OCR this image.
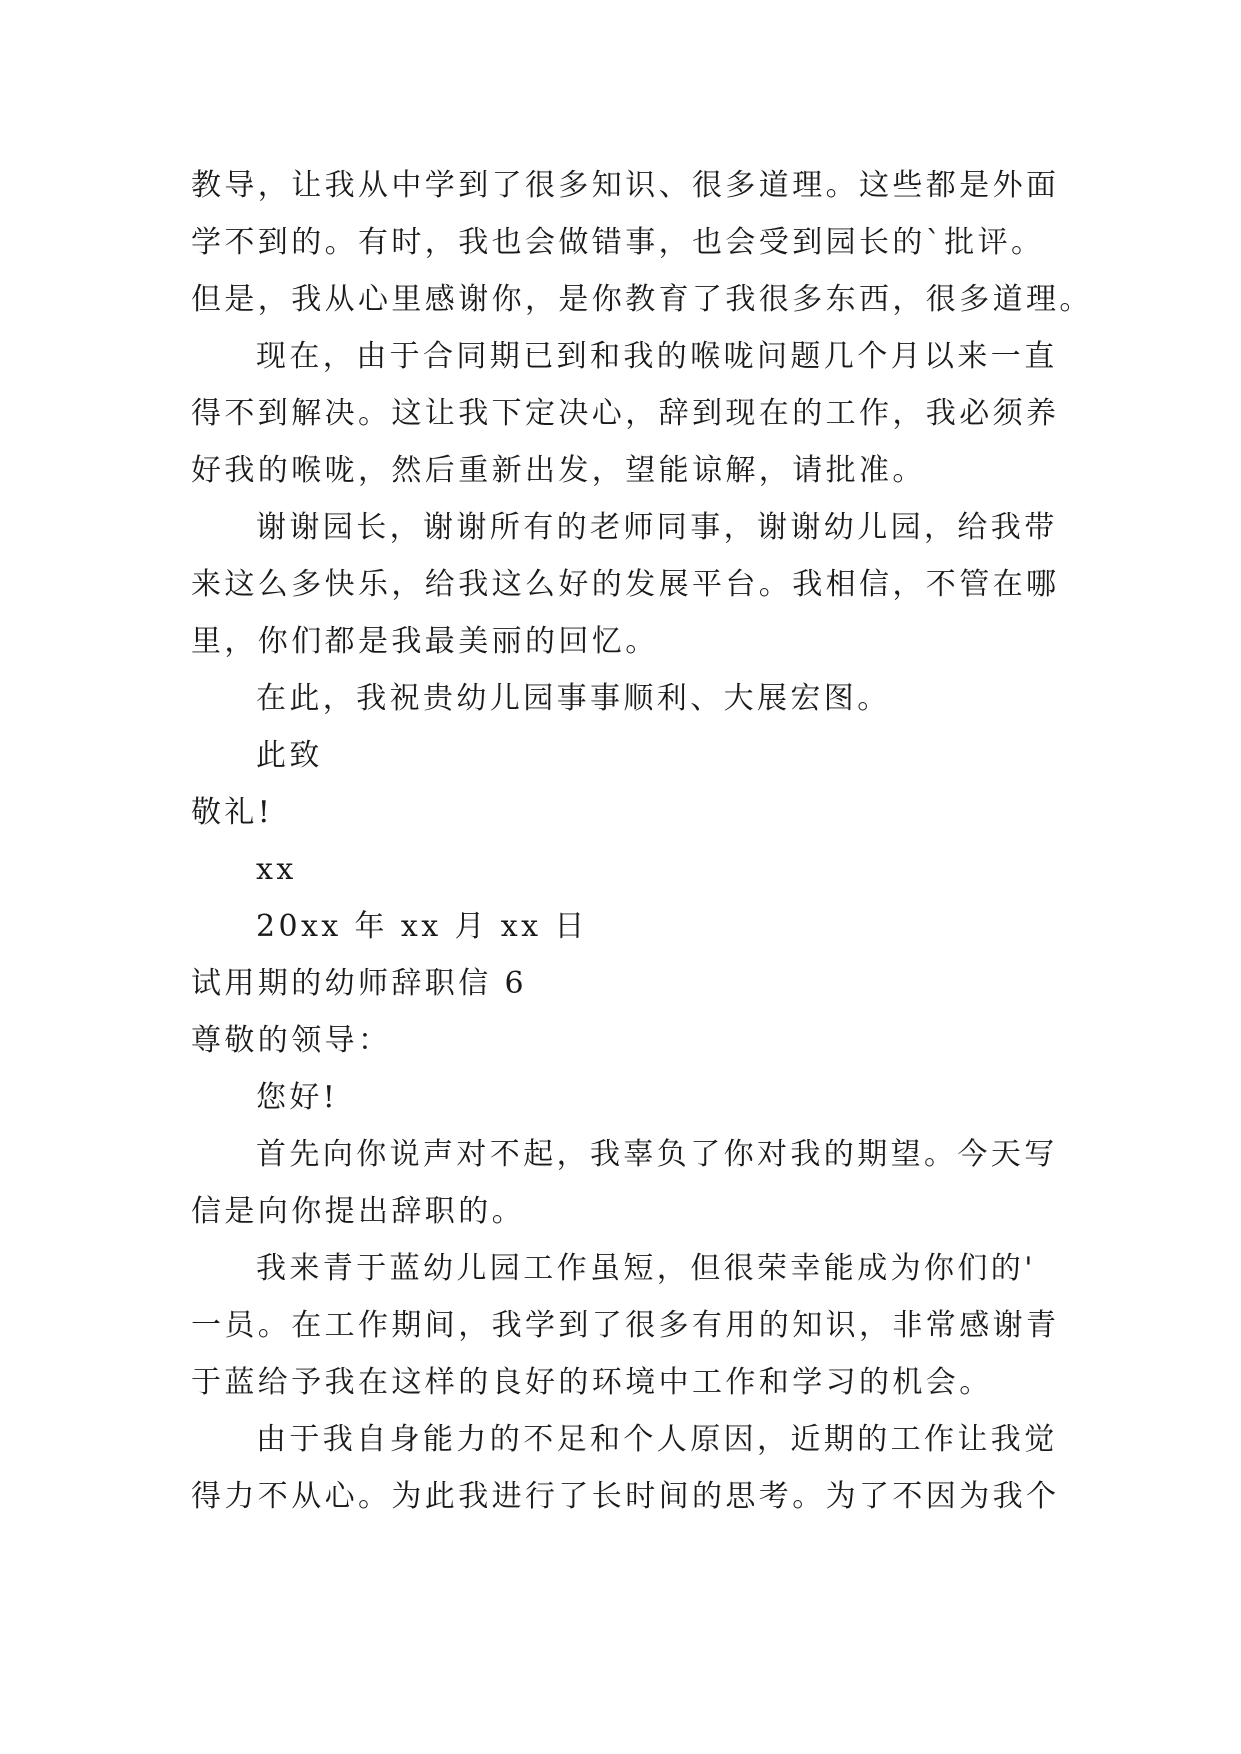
教导，让我从中学到了很多知识、很多道理。这些都是外面
学不到的。有时，我也会做错事，也会受到园长的`批评。
但是，我从心里感谢你，是你教育了我很多东西，很多道理。
现在，由于合同期已到和我的喉咙问题几个月以来一直
得不到解决。这让我下定决心，辞到现在的工作，我必须养
好我的喉咙，然后重新出发，望能谅解，请批准。
谢谢园长，谢谢所有的老师同事，谢谢幼儿园，给我带
来这么多快乐，给我这么好的发展平台。我相信，不管在哪
里，你们都是我最美丽的回忆。
在此，我祝贵幼儿园事事顺利、大展宏图。
此致
敬礼!
xx
20xx 年 xx 月 xx 日
试用期的幼师辞职信 6
尊敬的领导：
您好!
首先向你说声对不起，我辜负了你对我的期望。今天写
信是向你提出辞职的。
我来青于蓝幼儿园工作虽短，但很荣幸能成为你们的'
一员。在工作期间，我学到了很多有用的知识，非常感谢青
于蓝给予我在这样的良好的环境中工作和学习的机会。
由于我自身能力的不足和个人原因，近期的工作让我觉
得力不从心。为此我进行了长时间的思考。为了不因为我个
